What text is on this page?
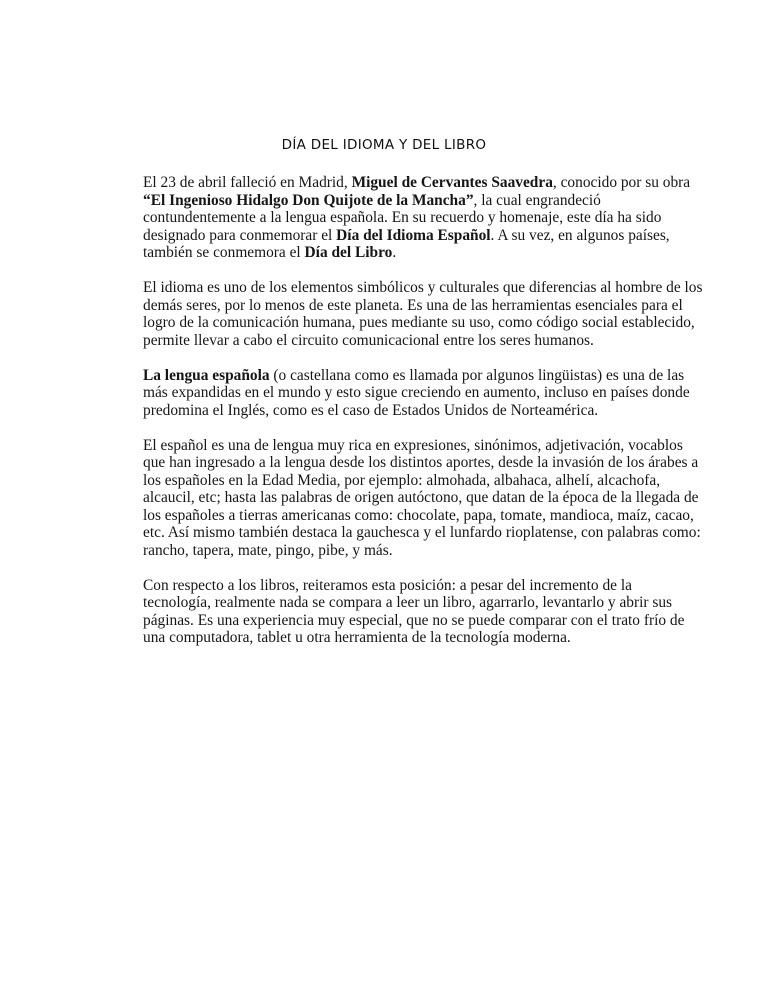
DÍA DEL IDIOMA Y DEL LIBRO

El 23 de abril falleció en Madrid, Miguel de Cervantes Saavedra, conocido por su obra “El Ingenioso Hidalgo Don Quijote de la Mancha”, la cual engrandeció contundentemente a la lengua española. En su recuerdo y homenaje, este día ha sido designado para conmemorar el Día del Idioma Español. A su vez, en algunos países, también se conmemora el Día del Libro.

El idioma es uno de los elementos simbólicos y culturales que diferencias al hombre de los demás seres, por lo menos de este planeta. Es una de las herramientas esenciales para el logro de la comunicación humana, pues mediante su uso, como código social establecido, permite llevar a cabo el circuito comunicacional entre los seres humanos.

La lengua española (o castellana como es llamada por algunos lingüistas) es una de las más expandidas en el mundo y esto sigue creciendo en aumento, incluso en países donde predomina el Inglés, como es el caso de Estados Unidos de Norteamérica.

El español es una de lengua muy rica en expresiones, sinónimos, adjetivación, vocablos que han ingresado a la lengua desde los distintos aportes, desde la invasión de los árabes a los españoles en la Edad Media, por ejemplo: almohada, albahaca, alhelí, alcachofa, alcaucil, etc; hasta las palabras de origen autóctono, que datan de la época de la llegada de los españoles a tierras americanas como: chocolate, papa, tomate, mandioca, maíz, cacao, etc. Así mismo también destaca la gauchesca y el lunfardo rioplatense, con palabras como: rancho, tapera, mate, pingo, pibe, y más.

Con respecto a los libros, reiteramos esta posición: a pesar del incremento de la tecnología, realmente nada se compara a leer un libro, agarrarlo, levantarlo y abrir sus páginas. Es una experiencia muy especial, que no se puede comparar con el trato frío de una computadora, tablet u otra herramienta de la tecnología moderna.
